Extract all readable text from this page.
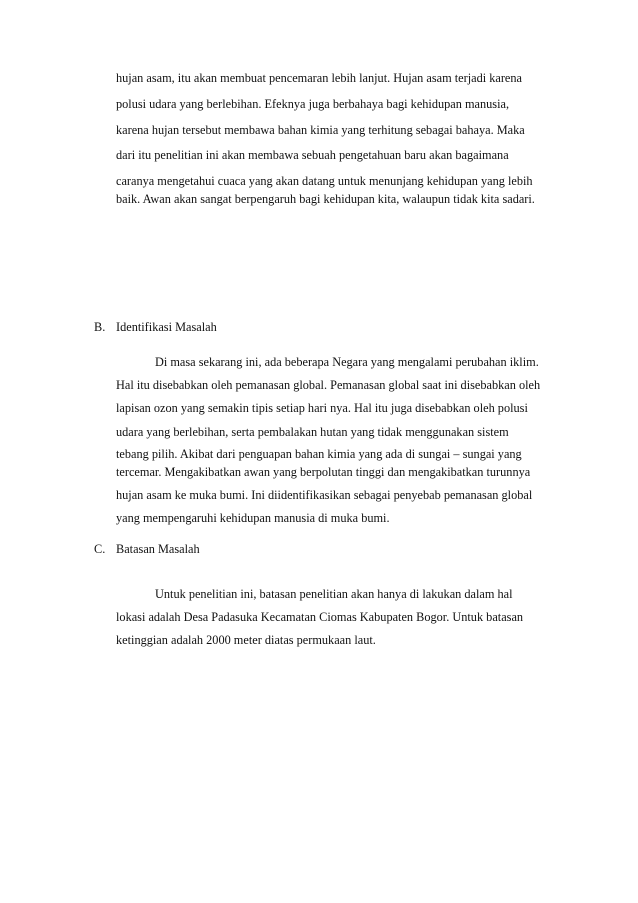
hujan asam, itu akan membuat pencemaran lebih lanjut. Hujan asam terjadi karena
polusi udara yang berlebihan. Efeknya juga berbahaya bagi kehidupan manusia,
karena hujan tersebut membawa bahan kimia yang terhitung sebagai bahaya. Maka
dari itu penelitian ini akan membawa sebuah pengetahuan baru akan bagaimana
caranya mengetahui cuaca yang akan datang untuk menunjang kehidupan yang lebih
baik. Awan akan sangat berpengaruh bagi kehidupan kita, walaupun tidak kita sadari.
B. Identifikasi Masalah
Di masa sekarang ini, ada beberapa Negara yang mengalami perubahan iklim.
Hal itu disebabkan oleh pemanasan global. Pemanasan global saat ini disebabkan oleh
lapisan ozon yang semakin tipis setiap hari nya. Hal itu juga disebabkan oleh polusi
udara yang berlebihan, serta pembalakan hutan yang tidak menggunakan sistem
tebang pilih. Akibat dari penguapan bahan kimia yang ada di sungai – sungai yang
tercemar. Mengakibatkan awan yang berpolutan tinggi dan mengakibatkan turunnya
hujan asam ke muka bumi. Ini diidentifikasikan sebagai penyebab pemanasan global
yang mempengaruhi kehidupan manusia di muka bumi.
C. Batasan Masalah
Untuk penelitian ini, batasan penelitian akan hanya di lakukan dalam hal
lokasi adalah Desa Padasuka Kecamatan Ciomas Kabupaten Bogor. Untuk batasan
ketinggian adalah 2000 meter diatas permukaan laut.
